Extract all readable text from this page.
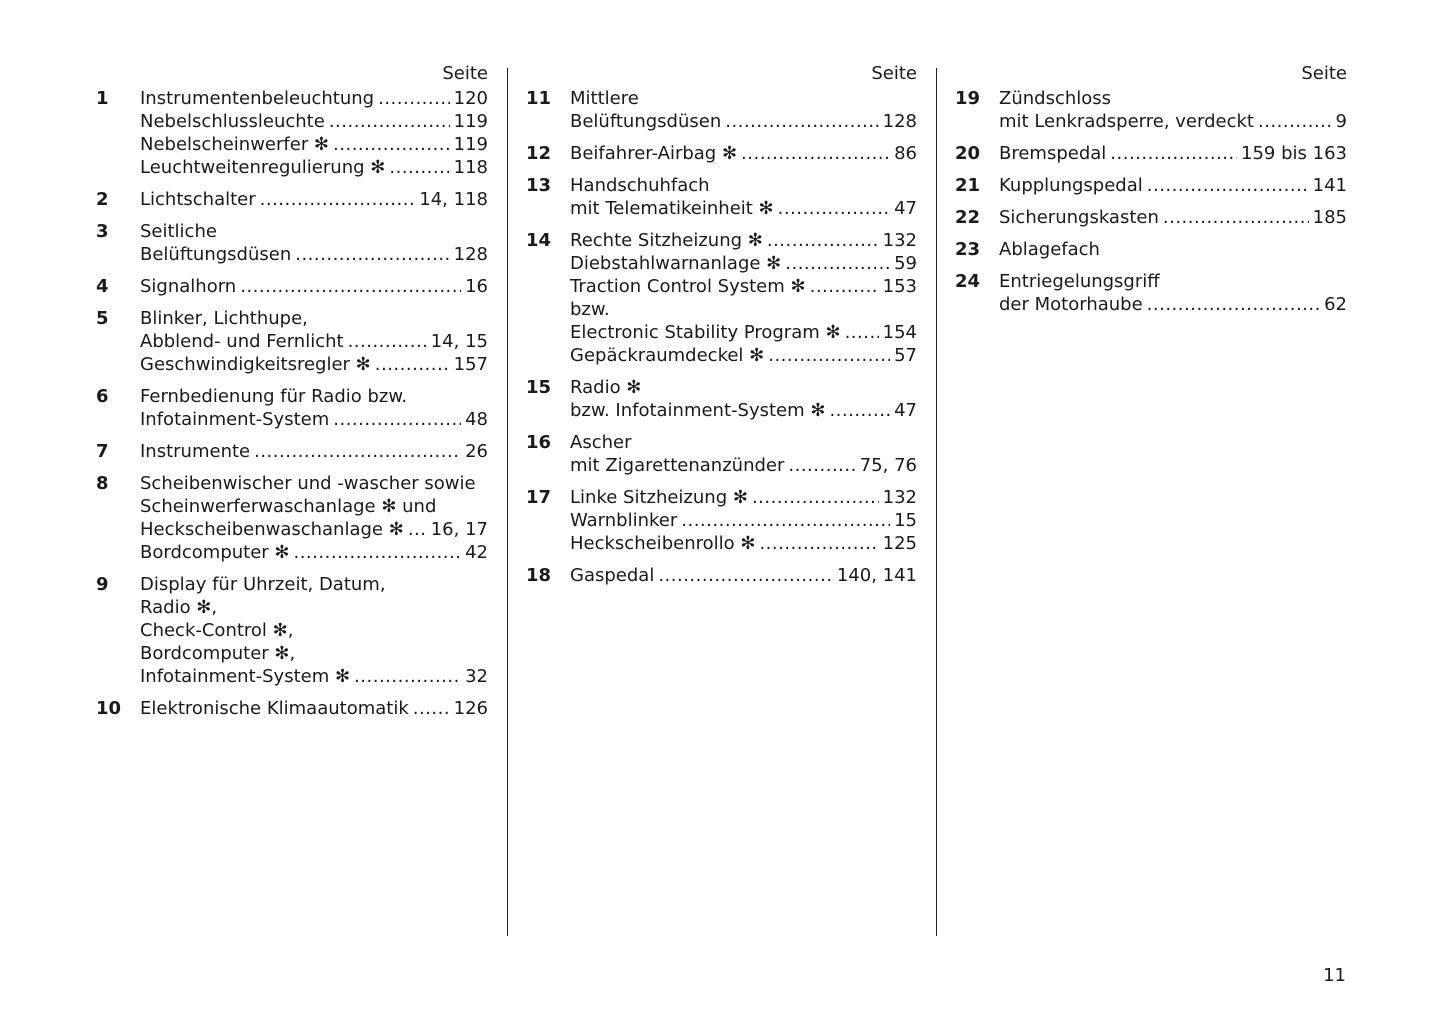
Seite
1	Instrumentenbeleuchtung .....	120
Nebelschlussleuchte .....	119
Nebelscheinwerfer ✻ .....	119
Leuchtweitenregulierung ✻ .....	118
2	Lichtschalter .....	14, 118
3	Seitliche
Belüftungsdüsen .....	128
4	Signalhorn .....	16
5	Blinker, Lichthupe,
Abblend- und Fernlicht .....	14, 15
Geschwindigkeitsregler ✻ .....	157
6	Fernbedienung für Radio bzw.
Infotainment-System .....	48
7	Instrumente .....	26
8	Scheibenwischer und -wascher sowie
Scheinwerferwaschanlage ✻ und
Heckscheibenwaschanlage ✻ ..... 16, 17
Bordcomputer ✻ .....	42
9	Display für Uhrzeit, Datum,
Radio ✻,
Check-Control ✻,
Bordcomputer ✻,
Infotainment-System ✻ .....	32
10	Elektronische Klimaautomatik ..... 126
Seite
11	Mittlere
Belüftungsdüsen .....	128
12	Beifahrer-Airbag ✻ .....	86
13	Handschuhfach
mit Telematikeinheit ✻ .....	47
14	Rechte Sitzheizung ✻ .....	132
Diebstahlwarnanlage ✻ .....	59
Traction Control System ✻ .....	153
bzw.
Electronic Stability Program ✻ ..... 154
Gepäckraumdeckel ✻ .....	57
15	Radio ✻
bzw. Infotainment-System ✻ .....	47
16	Ascher
mit Zigarettenanzünder .....	75, 76
17	Linke Sitzheizung ✻ .....	132
Warnblinker .....	15
Heckscheibenrollo ✻ .....	125
18	Gaspedal .....	140, 141
Seite
19	Zündschloss
mit Lenkradsperre, verdeckt .....	9
20	Bremspedal .....	159 bis 163
21	Kupplungspedal .....	141
22	Sicherungskasten .....	185
23	Ablagefach
24	Entriegelungsgriff
der Motorhaube .....	62
11
